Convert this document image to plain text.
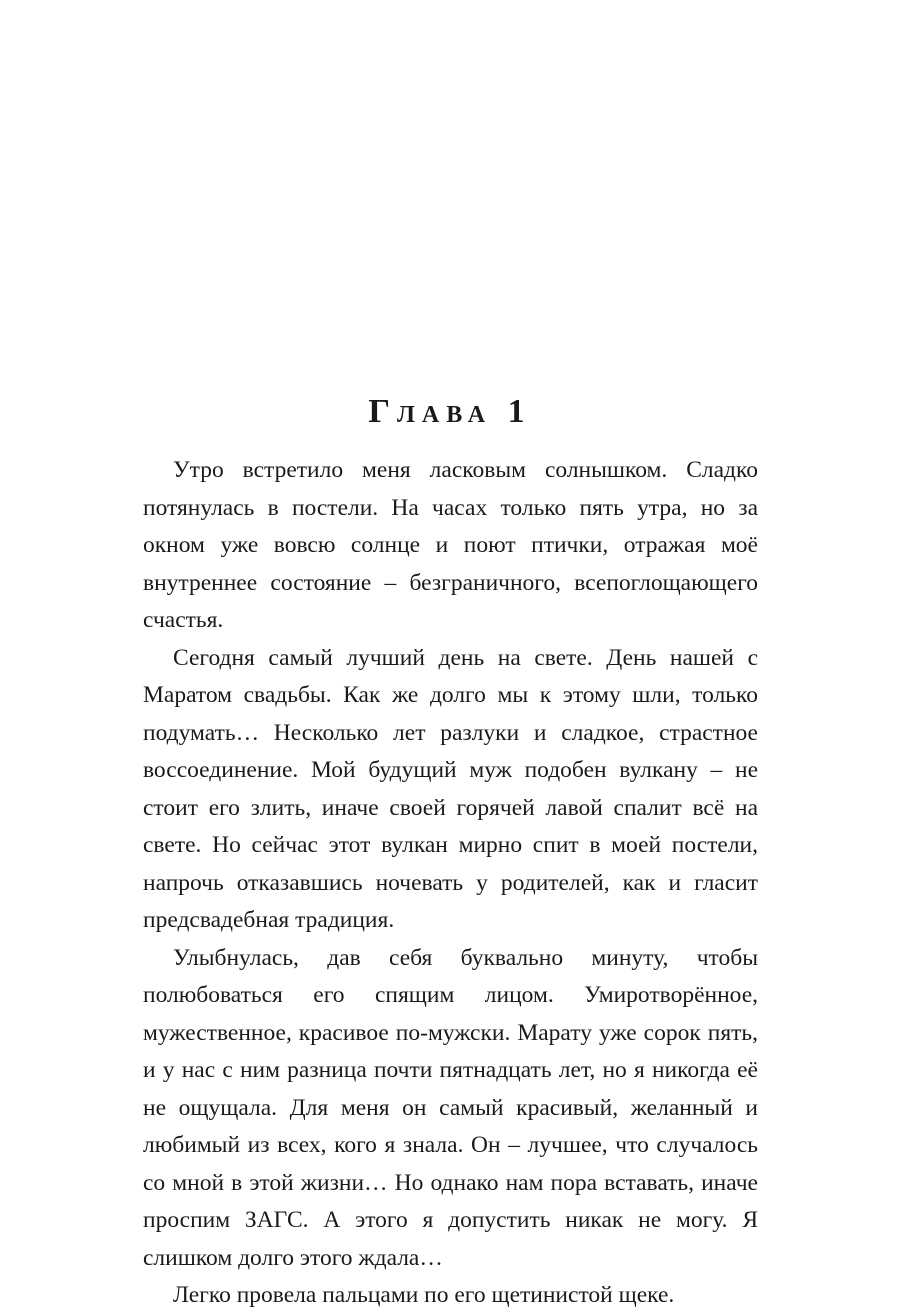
Глава 1

Утро встретило меня ласковым солнышком. Сладко потянулась в постели. На часах только пять утра, но за окном уже вовсю солнце и поют птички, отражая моё внутреннее состояние – безграничного, всепоглощающего счастья.

Сегодня самый лучший день на свете. День нашей с Маратом свадьбы. Как же долго мы к этому шли, только подумать… Несколько лет разлуки и сладкое, страстное воссоединение. Мой будущий муж подобен вулкану – не стоит его злить, иначе своей горячей лавой спалит всё на свете. Но сейчас этот вулкан мирно спит в моей постели, напрочь отказавшись ночевать у родителей, как и гласит предсвадебная традиция.

Улыбнулась, дав себя буквально минуту, чтобы полюбоваться его спящим лицом. Умиротворённое, мужественное, красивое по-мужски. Марату уже сорок пять, и у нас с ним разница почти пятнадцать лет, но я никогда её не ощущала. Для меня он самый красивый, желанный и любимый из всех, кого я знала. Он – лучшее, что случалось со мной в этой жизни… Но однако нам пора вставать, иначе проспим ЗАГС. А этого я допустить никак не могу. Я слишком долго этого ждала…

Легко провела пальцами по его щетинистой щеке.
